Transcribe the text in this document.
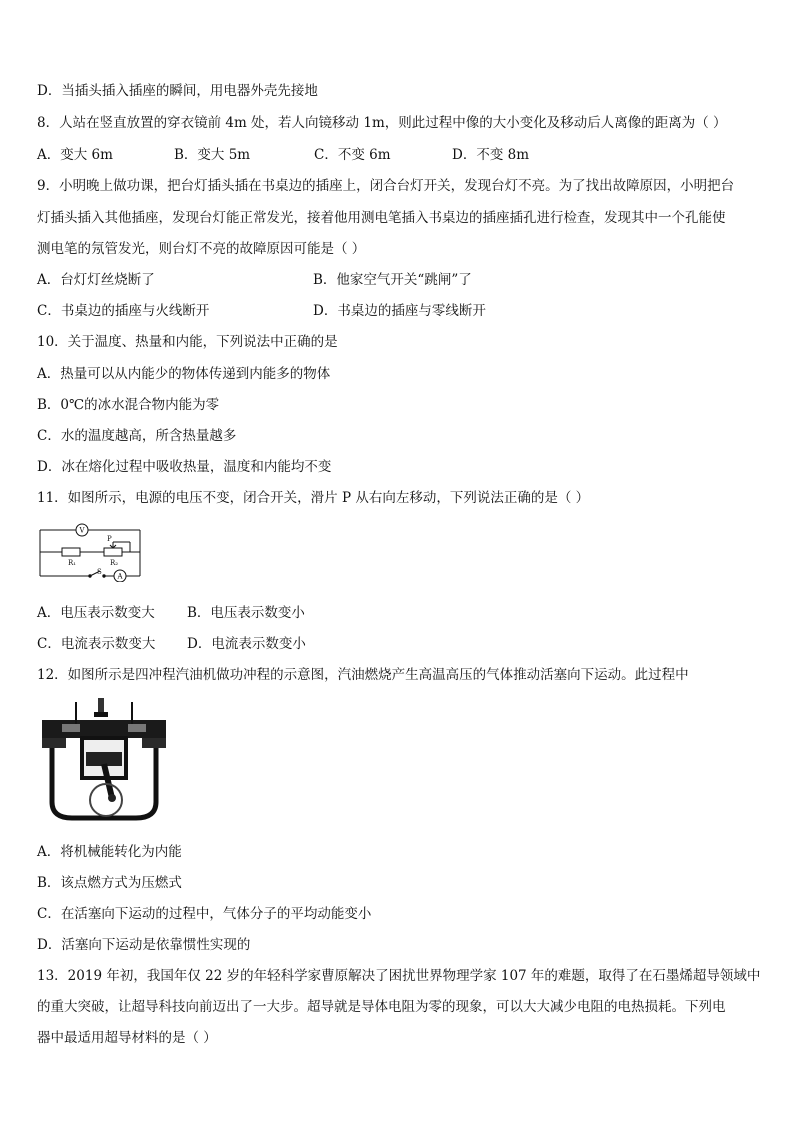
D．当插头插入插座的瞬间，用电器外壳先接地
8．人站在竖直放置的穿衣镜前 4m 处，若人向镜移动 1m，则此过程中像的大小变化及移动后人离像的距离为（ ）
A．变大 6m	B．变大 5m	C．不变 6m	D．不变 8m
9．小明晚上做功课，把台灯插头插在书桌边的插座上，闭合台灯开关，发现台灯不亮。为了找出故障原因，小明把台
灯插头插入其他插座，发现台灯能正常发光，接着他用测电笔插入书桌边的插座插孔进行检查，发现其中一个孔能使
测电笔的氖管发光，则台灯不亮的故障原因可能是（ ）
A．台灯灯丝烧断了	B．他家空气开关“跳闸”了
C．书桌边的插座与火线断开	D．书桌边的插座与零线断开
10．关于温度、热量和内能，下列说法中正确的是
A．热量可以从内能少的物体传递到内能多的物体
B．0℃的冰水混合物内能为零
C．水的温度越高，所含热量越多
D．冰在熔化过程中吸收热量，温度和内能均不变
11．如图所示，电源的电压不变，闭合开关，滑片 P 从右向左移动，下列说法正确的是（ ）
V
A
R₁	R₂
P
S
A．电压表示数变大 B．电压表示数变小
C．电流表示数变大 D．电流表示数变小
12．如图所示是四冲程汽油机做功冲程的示意图，汽油燃烧产生高温高压的气体推动活塞向下运动。此过程中
A．将机械能转化为内能
B．该点燃方式为压燃式
C．在活塞向下运动的过程中，气体分子的平均动能变小
D．活塞向下运动是依靠惯性实现的
13．2019 年初，我国年仅 22 岁的年轻科学家曹原解决了困扰世界物理学家 107 年的难题，取得了在石墨烯超导领域中
的重大突破，让超导科技向前迈出了一大步。超导就是导体电阻为零的现象，可以大大减少电阻的电热损耗。下列电
器中最适用超导材料的是（ ）
